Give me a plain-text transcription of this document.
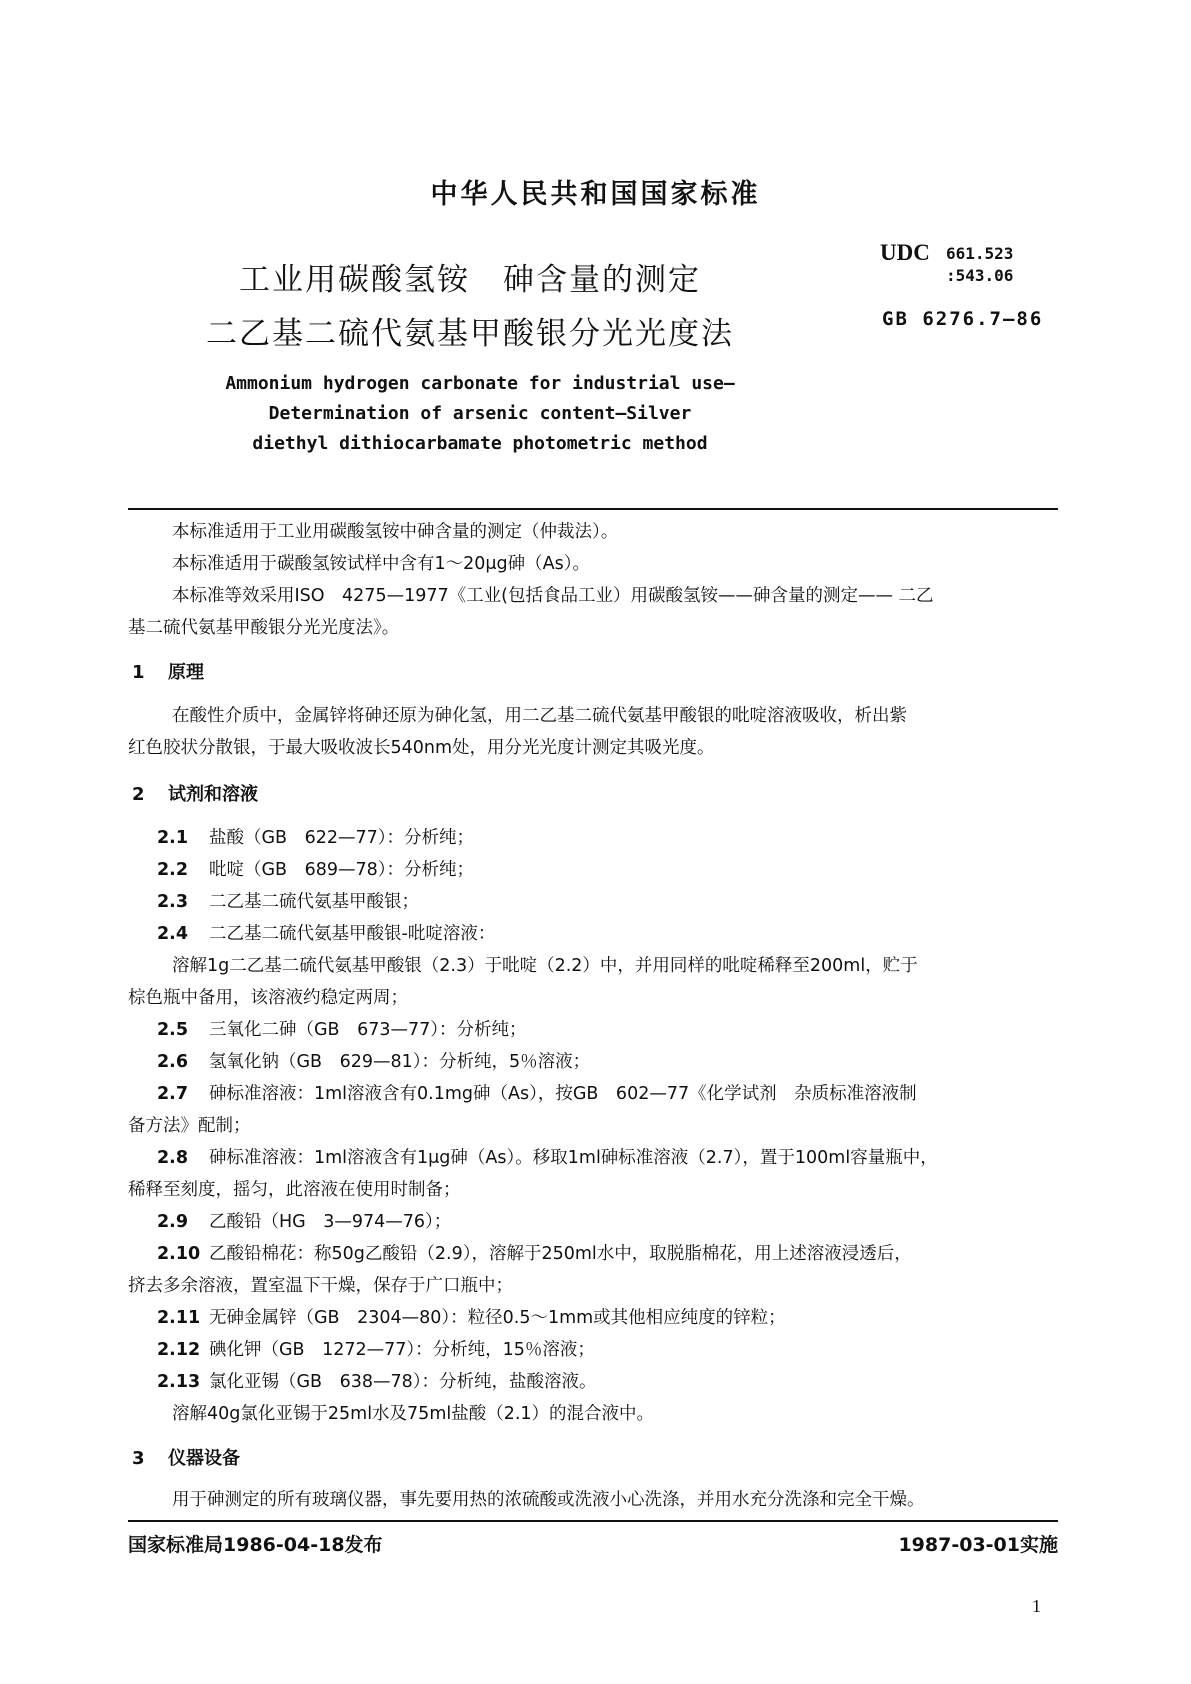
中华人民共和国国家标准
工业用碳酸氢铵　砷含量的测定
二乙基二硫代氨基甲酸银分光光度法
UDC 661.523
:543.06
GB 6276.7—86
Ammonium hydrogen carbonate for industrial use—
Determination of arsenic content—Silver
diethyl dithiocarbamate photometric method
本标准适用于工业用碳酸氢铵中砷含量的测定（仲裁法）。
本标准适用于碳酸氢铵试样中含有1～20μg砷（As）。
本标准等效采用ISO　4275—1977《工业(包括食品工业）用碳酸氢铵——砷含量的测定—— 二乙
基二硫代氨基甲酸银分光光度法》。
1 原理
在酸性介质中，金属锌将砷还原为砷化氢，用二乙基二硫代氨基甲酸银的吡啶溶液吸收，析出紫
红色胶状分散银，于最大吸收波长540nm处，用分光光度计测定其吸光度。
2 试剂和溶液
2.1 盐酸（GB　622—77）：分析纯；
2.2 吡啶（GB　689—78）：分析纯；
2.3 二乙基二硫代氨基甲酸银；
2.4 二乙基二硫代氨基甲酸银-吡啶溶液：
溶解1g二乙基二硫代氨基甲酸银（2.3）于吡啶（2.2）中，并用同样的吡啶稀释至200ml，贮于
棕色瓶中备用，该溶液约稳定两周；
2.5 三氧化二砷（GB　673—77）：分析纯；
2.6 氢氧化钠（GB　629—81）：分析纯，5％溶液；
2.7 砷标准溶液：1ml溶液含有0.1mg砷（As），按GB　602—77《化学试剂　杂质标准溶液制
备方法》配制；
2.8 砷标准溶液：1ml溶液含有1μg砷（As）。移取1ml砷标准溶液（2.7），置于100ml容量瓶中，
稀释至刻度，摇匀，此溶液在使用时制备；
2.9 乙酸铅（HG　3—974—76）；
2.10 乙酸铅棉花：称50g乙酸铅（2.9），溶解于250ml水中，取脱脂棉花，用上述溶液浸透后，
挤去多余溶液，置室温下干燥，保存于广口瓶中；
2.11 无砷金属锌（GB　2304—80）：粒径0.5～1mm或其他相应纯度的锌粒；
2.12 碘化钾（GB　1272—77）：分析纯，15％溶液；
2.13 氯化亚锡（GB　638—78）：分析纯，盐酸溶液。
溶解40g氯化亚锡于25ml水及75ml盐酸（2.1）的混合液中。
3 仪器设备
用于砷测定的所有玻璃仪器，事先要用热的浓硫酸或洗液小心洗涤，并用水充分洗涤和完全干燥。
国家标准局1986-04-18发布	1987-03-01实施
1
